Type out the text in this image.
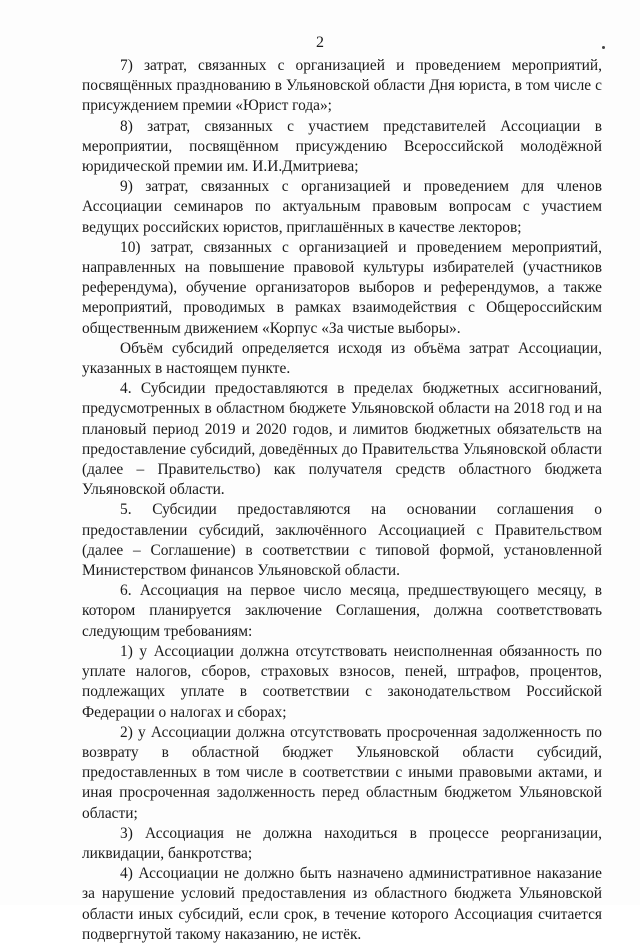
2

7) затрат, связанных с организацией и проведением мероприятий, посвящённых празднованию в Ульяновской области Дня юриста, в том числе с присуждением премии «Юрист года»;

8) затрат, связанных с участием представителей Ассоциации в мероприятии, посвящённом присуждению Всероссийской молодёжной юридической премии им. И.И.Дмитриева;

9) затрат, связанных с организацией и проведением для членов Ассоциации семинаров по актуальным правовым вопросам с участием ведущих российских юристов, приглашённых в качестве лекторов;

10) затрат, связанных с организацией и проведением мероприятий, направленных на повышение правовой культуры избирателей (участников референдума), обучение организаторов выборов и референдумов, а также мероприятий, проводимых в рамках взаимодействия с Общероссийским общественным движением «Корпус «За чистые выборы».

Объём субсидий определяется исходя из объёма затрат Ассоциации, указанных в настоящем пункте.

4. Субсидии предоставляются в пределах бюджетных ассигнований, предусмотренных в областном бюджете Ульяновской области на 2018 год и на плановый период 2019 и 2020 годов, и лимитов бюджетных обязательств на предоставление субсидий, доведённых до Правительства Ульяновской области (далее – Правительство) как получателя средств областного бюджета Ульяновской области.

5. Субсидии предоставляются на основании соглашения о предоставлении субсидий, заключённого Ассоциацией с Правительством (далее – Соглашение) в соответствии с типовой формой, установленной Министерством финансов Ульяновской области.

6. Ассоциация на первое число месяца, предшествующего месяцу, в котором планируется заключение Соглашения, должна соответствовать следующим требованиям:

1) у Ассоциации должна отсутствовать неисполненная обязанность по уплате налогов, сборов, страховых взносов, пеней, штрафов, процентов, подлежащих уплате в соответствии с законодательством Российской Федерации о налогах и сборах;

2) у Ассоциации должна отсутствовать просроченная задолженность по возврату в областной бюджет Ульяновской области субсидий, предоставленных в том числе в соответствии с иными правовыми актами, и иная просроченная задолженность перед областным бюджетом Ульяновской области;

3) Ассоциация не должна находиться в процессе реорганизации, ликвидации, банкротства;

4) Ассоциации не должно быть назначено административное наказание за нарушение условий предоставления из областного бюджета Ульяновской области иных субсидий, если срок, в течение которого Ассоциация считается подвергнутой такому наказанию, не истёк.
